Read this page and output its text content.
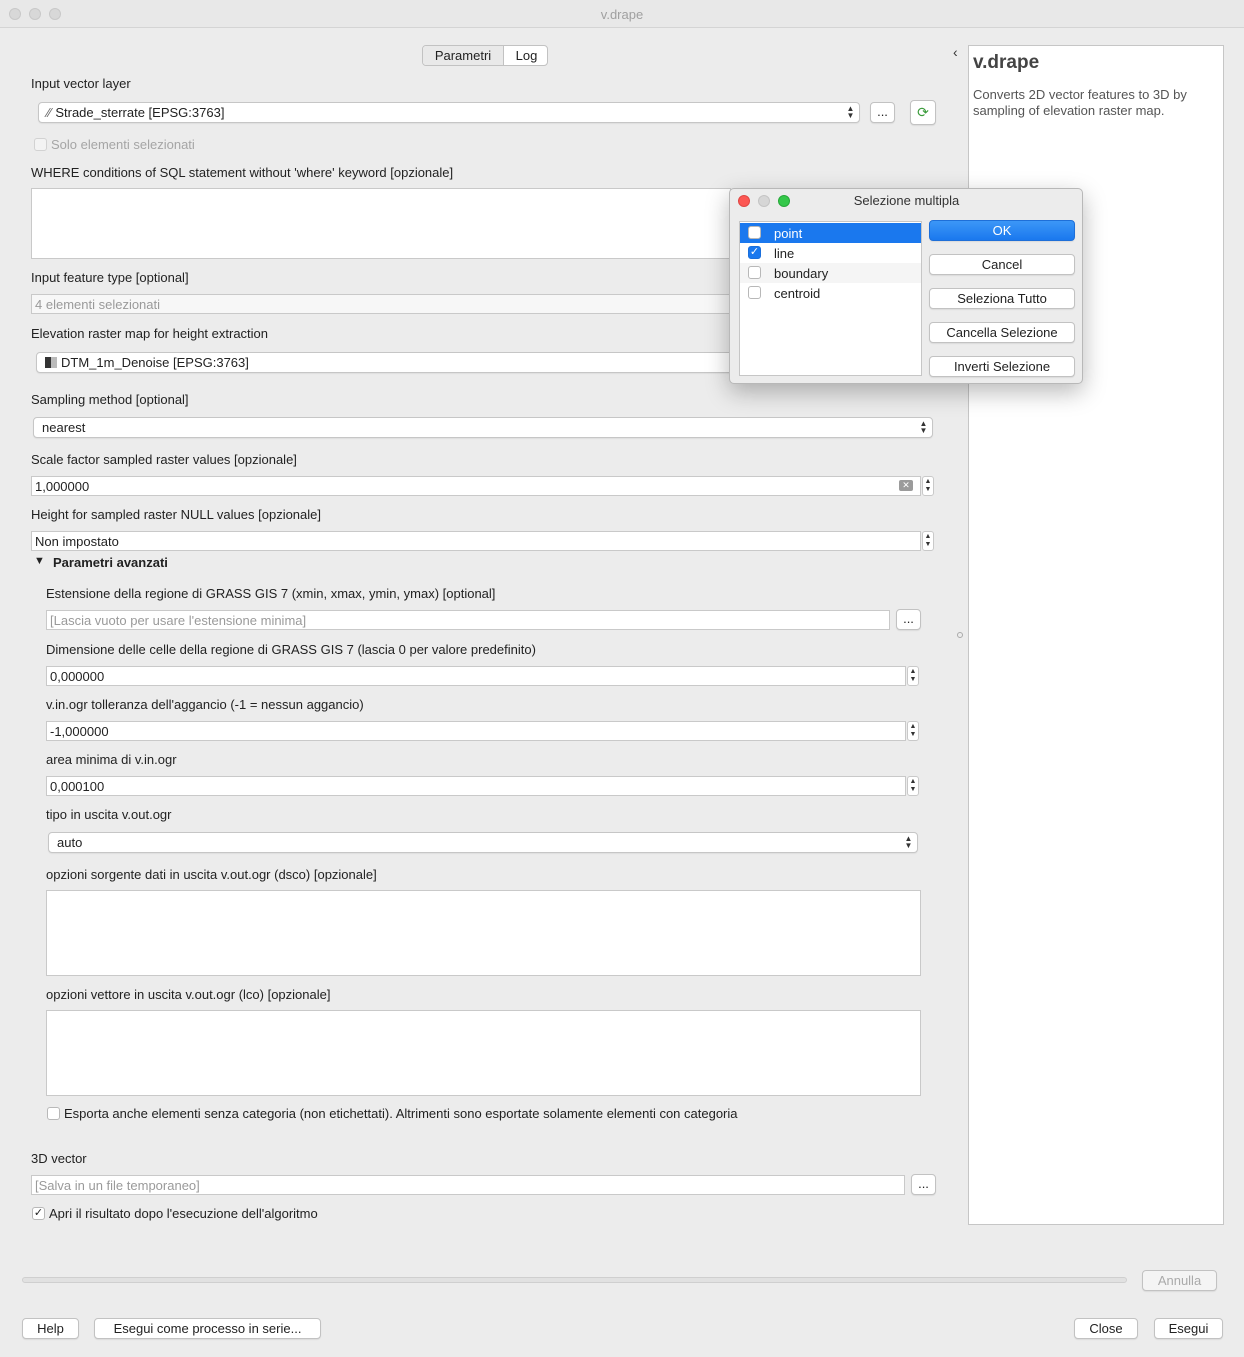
v.drape
Parametri	Log	‹
Input vector layer
⁄⁄ Strade_sterrate [EPSG:3763]	▲
▼	...	⟳
Solo elementi selezionati
WHERE conditions of SQL statement without 'where' keyword [opzionale]
Input feature type [optional]
4 elementi selezionati
Elevation raster map for height extraction
DTM_1m_Denoise [EPSG:3763]
Sampling method [optional]
nearest	▲
▼
Scale factor sampled raster values [opzionale]
1,000000	✕	▲
▼
Height for sampled raster NULL values [opzionale]
Non impostato	▲
▼
▼ Parametri avanzati
Estensione della regione di GRASS GIS 7 (xmin, xmax, ymin, ymax) [optional]
[Lascia vuoto per usare l'estensione minima]	...
Dimensione delle celle della regione di GRASS GIS 7 (lascia 0 per valore predefinito)
0,000000	▲
▼
v.in.ogr tolleranza dell'aggancio (-1 = nessun aggancio)
-1,000000	▲
▼
area minima di v.in.ogr
0,000100	▲
▼
tipo in uscita v.out.ogr
auto	▲
▼
opzioni sorgente dati in uscita v.out.ogr (dsco) [opzionale]
opzioni vettore in uscita v.out.ogr (lco) [opzionale]
Esporta anche elementi senza categoria (non etichettati). Altrimenti sono esportate solamente elementi con categoria
3D vector
[Salva in un file temporaneo]	...
✓ Apri il risultato dopo l'esecuzione dell'algoritmo
v.drape
Converts 2D vector features to 3D by sampling of elevation raster map.
Annulla
Help	Esegui come processo in serie...	Close	Esegui
Selezione multipla
point
✓ line
boundary
centroid
OK
Cancel
Seleziona Tutto
Cancella Selezione
Inverti Selezione
